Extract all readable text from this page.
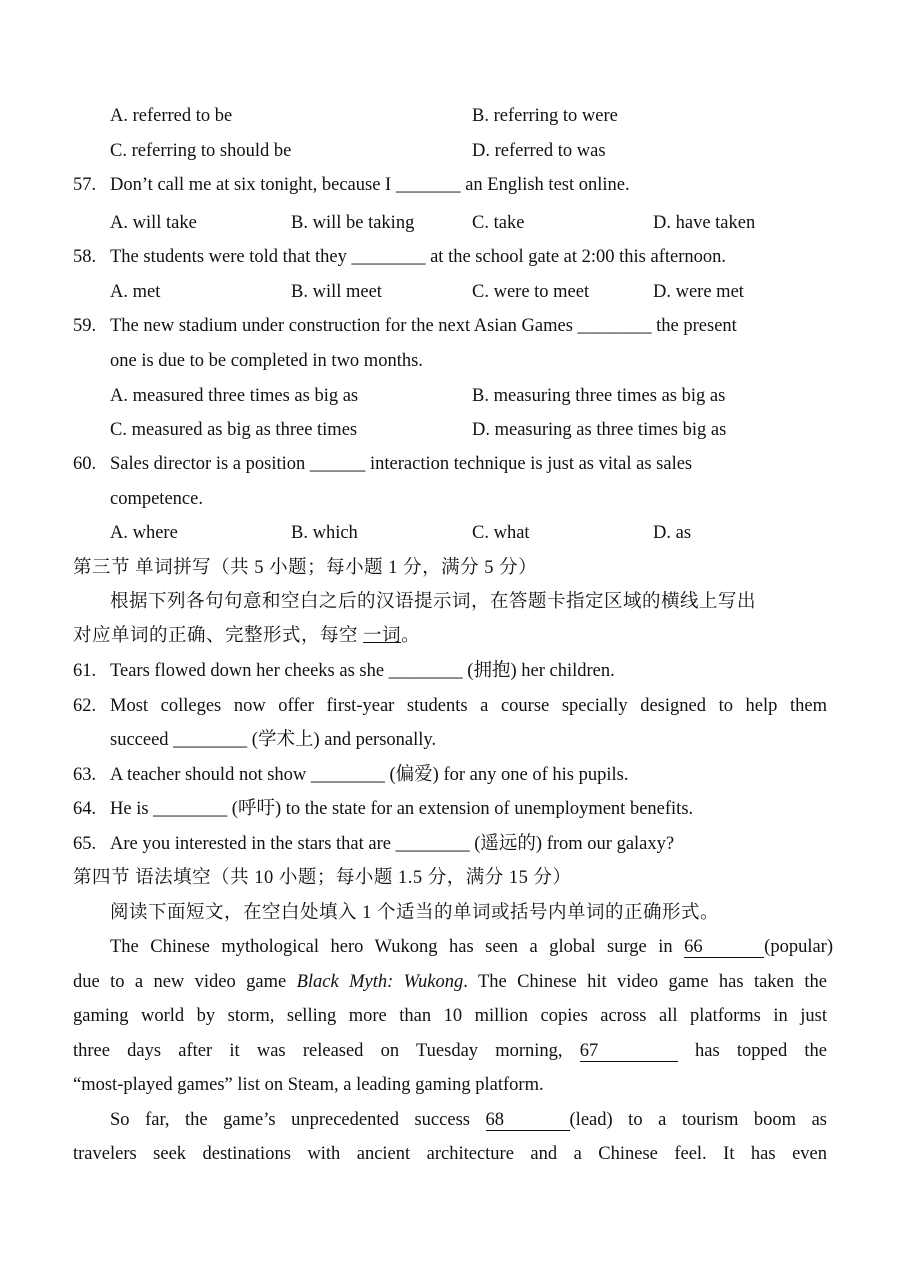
A. referred to be	B. referring to were
C. referring to should be	D. referred to was
57. Don’t call me at six tonight, because I _______ an English test online.
A. will take	B. will be taking	C. take	D. have taken
58. The students were told that they ________ at the school gate at 2:00 this afternoon.
A. met	B. will meet	C. were to meet	D. were met
59. The new stadium under construction for the next Asian Games ________ the present
one is due to be completed in two months.
A. measured three times as big as	B. measuring three times as big as
C. measured as big as three times	D. measuring as three times big as
60. Sales director is a position ______ interaction technique is just as vital as sales
competence.
A. where	B. which	C. what	D. as
第三节 单词拼写（共 5 小题；每小题 1 分，满分 5 分）
根据下列各句句意和空白之后的汉语提示词，在答题卡指定区域的横线上写出
对应单词的正确、完整形式，每空 一词。
61. Tears flowed down her cheeks as she ________ (拥抱) her children.
62. Most colleges now offer first-year students a course specially designed to help them
succeed ________ (学术上) and personally.
63. A teacher should not show ________ (偏爱) for any one of his pupils.
64. He is ________ (呼吁) to the state for an extension of unemployment benefits.
65. Are you interested in the stars that are ________ (遥远的) from our galaxy?
第四节 语法填空（共 10 小题；每小题 1.5 分，满分 15 分）
阅读下面短文，在空白处填入 1 个适当的单词或括号内单词的正确形式。
The Chinese mythological hero Wukong has seen a global surge in 66	(popular)
due to a new video game Black Myth: Wukong. The Chinese hit video game has taken the
gaming world by storm, selling more than 10 million copies across all platforms in just
three days after it was released on Tuesday morning, 67	has topped the
“most-played games” list on Steam, a leading gaming platform.
So far, the game’s unprecedented success 68	(lead) to a tourism boom as
travelers seek destinations with ancient architecture and a Chinese feel. It has even
